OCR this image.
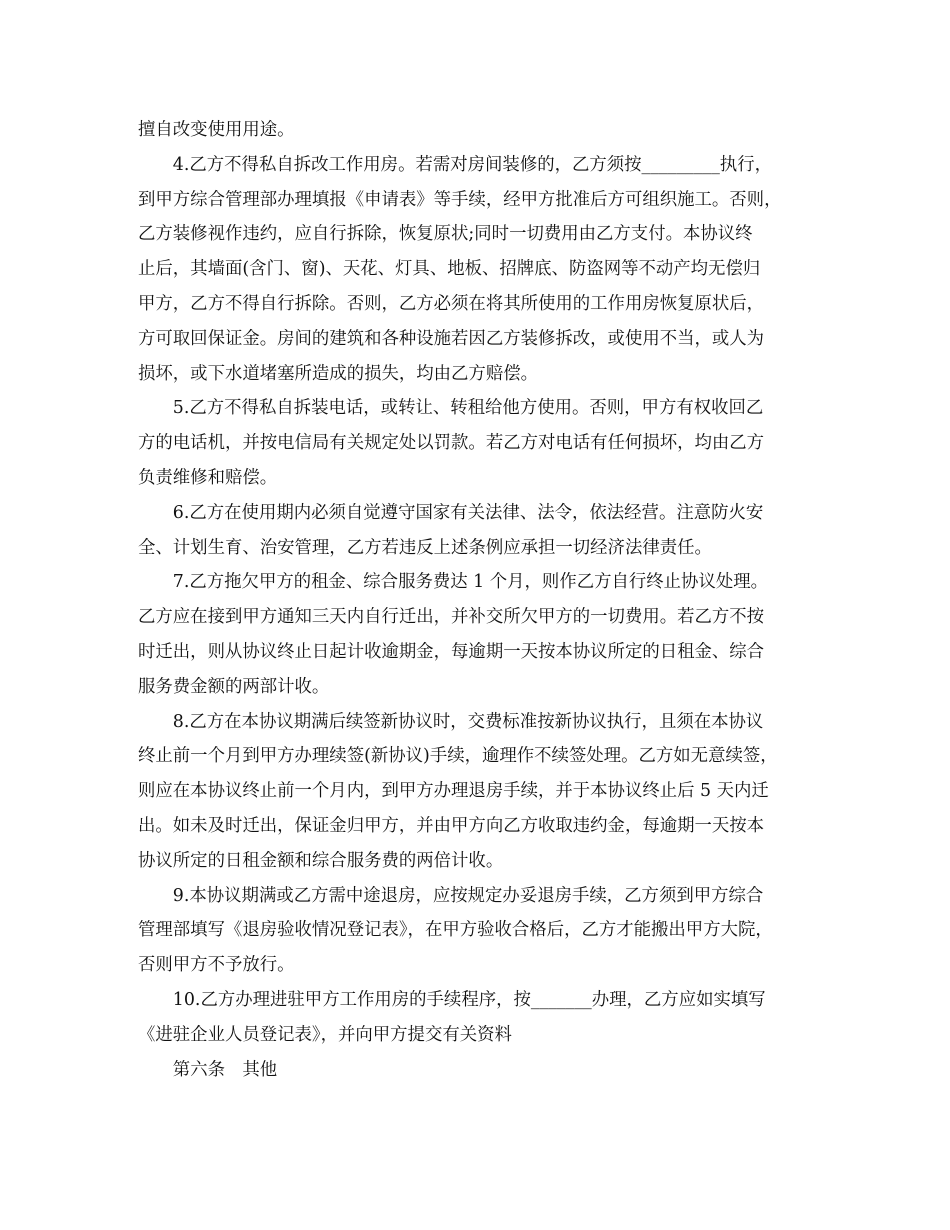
擅自改变使用用途。

4.乙方不得私自拆改工作用房。若需对房间装修的，乙方须按_________执行，
到甲方综合管理部办理填报《申请表》等手续，经甲方批准后方可组织施工。否则，
乙方装修视作违约，应自行拆除，恢复原状;同时一切费用由乙方支付。本协议终
止后，其墙面(含门、窗)、天花、灯具、地板、招牌底、防盗网等不动产均无偿归
甲方，乙方不得自行拆除。否则，乙方必须在将其所使用的工作用房恢复原状后，
方可取回保证金。房间的建筑和各种设施若因乙方装修拆改，或使用不当，或人为
损坏，或下水道堵塞所造成的损失，均由乙方赔偿。

5.乙方不得私自拆装电话，或转让、转租给他方使用。否则，甲方有权收回乙
方的电话机，并按电信局有关规定处以罚款。若乙方对电话有任何损坏，均由乙方
负责维修和赔偿。

6.乙方在使用期内必须自觉遵守国家有关法律、法令，依法经营。注意防火安
全、计划生育、治安管理，乙方若违反上述条例应承担一切经济法律责任。

7.乙方拖欠甲方的租金、综合服务费达 1 个月，则作乙方自行终止协议处理。
乙方应在接到甲方通知三天内自行迁出，并补交所欠甲方的一切费用。若乙方不按
时迁出，则从协议终止日起计收逾期金，每逾期一天按本协议所定的日租金、综合
服务费金额的两部计收。

8.乙方在本协议期满后续签新协议时，交费标准按新协议执行，且须在本协议
终止前一个月到甲方办理续签(新协议)手续，逾理作不续签处理。乙方如无意续签，
则应在本协议终止前一个月内，到甲方办理退房手续，并于本协议终止后 5 天内迁
出。如未及时迁出，保证金归甲方，并由甲方向乙方收取违约金，每逾期一天按本
协议所定的日租金额和综合服务费的两倍计收。

9.本协议期满或乙方需中途退房，应按规定办妥退房手续，乙方须到甲方综合
管理部填写《退房验收情况登记表》，在甲方验收合格后，乙方才能搬出甲方大院，
否则甲方不予放行。

10.乙方办理进驻甲方工作用房的手续程序，按_______办理，乙方应如实填写
《进驻企业人员登记表》，并向甲方提交有关资料

第六条　其他
